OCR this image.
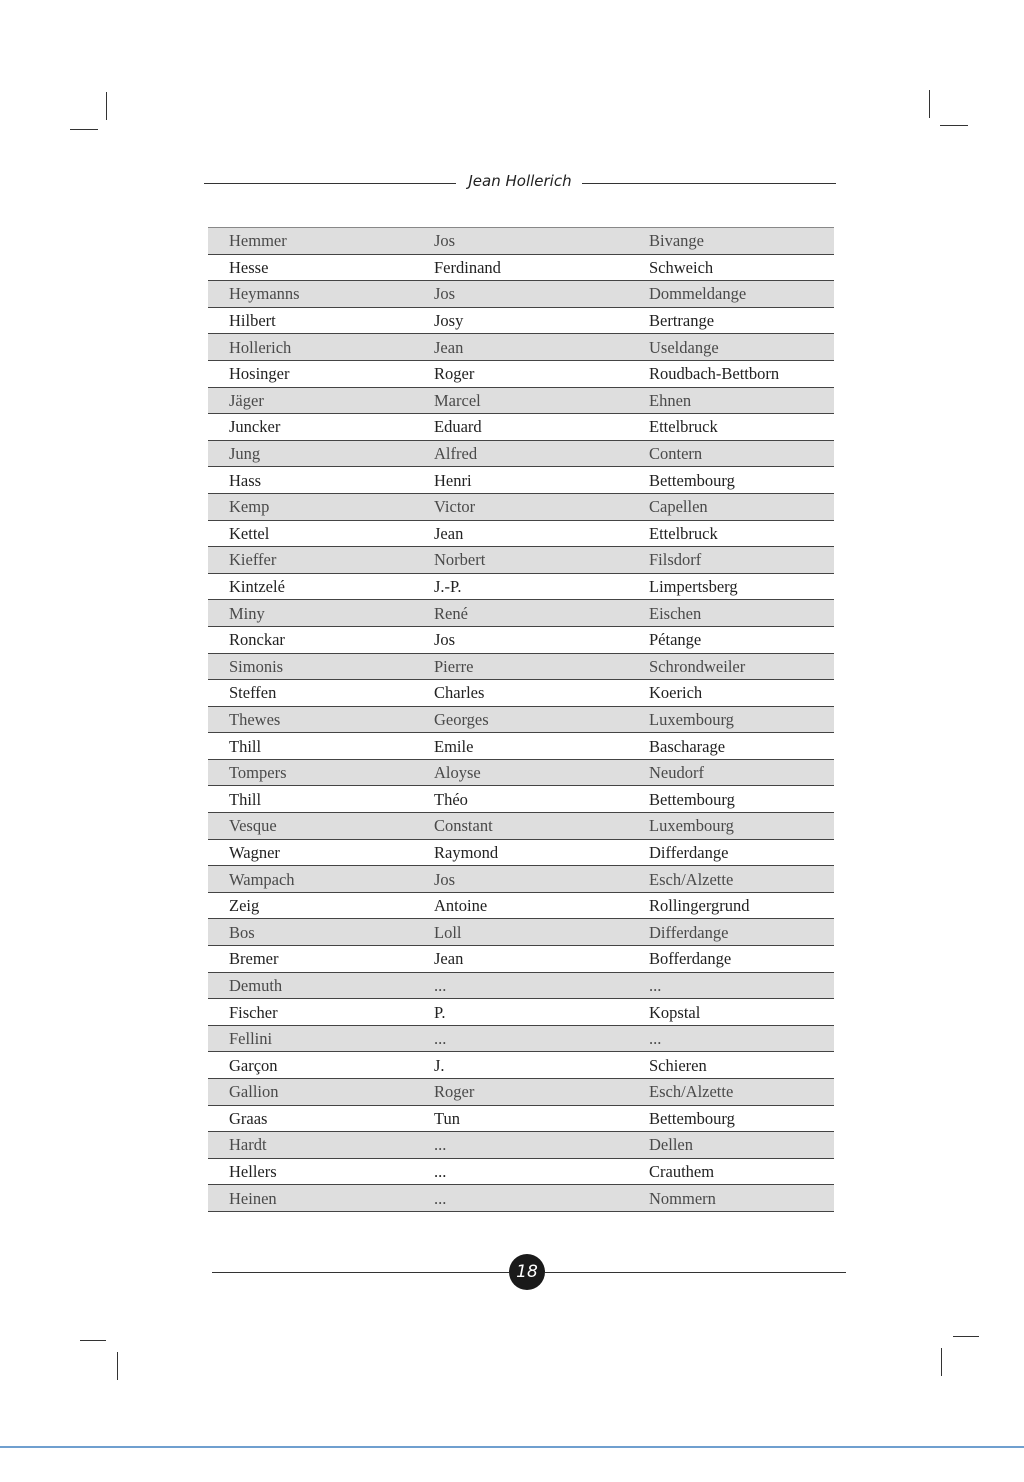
Jean Hollerich
Hemmer	Jos	Bivange
Hesse	Ferdinand	Schweich
Heymanns	Jos	Dommeldange
Hilbert	Josy	Bertrange
Hollerich	Jean	Useldange
Hosinger	Roger	Roudbach-Bettborn
Jäger	Marcel	Ehnen
Juncker	Eduard	Ettelbruck
Jung	Alfred	Contern
Hass	Henri	Bettembourg
Kemp	Victor	Capellen
Kettel	Jean	Ettelbruck
Kieffer	Norbert	Filsdorf
Kintzelé	J.-P.	Limpertsberg
Miny	René	Eischen
Ronckar	Jos	Pétange
Simonis	Pierre	Schrondweiler
Steffen	Charles	Koerich
Thewes	Georges	Luxembourg
Thill	Emile	Bascharage
Tompers	Aloyse	Neudorf
Thill	Théo	Bettembourg
Vesque	Constant	Luxembourg
Wagner	Raymond	Differdange
Wampach	Jos	Esch/Alzette
Zeig	Antoine	Rollingergrund
Bos	Loll	Differdange
Bremer	Jean	Bofferdange
Demuth	...	...
Fischer	P.	Kopstal
Fellini	...	...
Garçon	J.	Schieren
Gallion	Roger	Esch/Alzette
Graas	Tun	Bettembourg
Hardt	...	Dellen
Hellers	...	Crauthem
Heinen	...	Nommern
18
